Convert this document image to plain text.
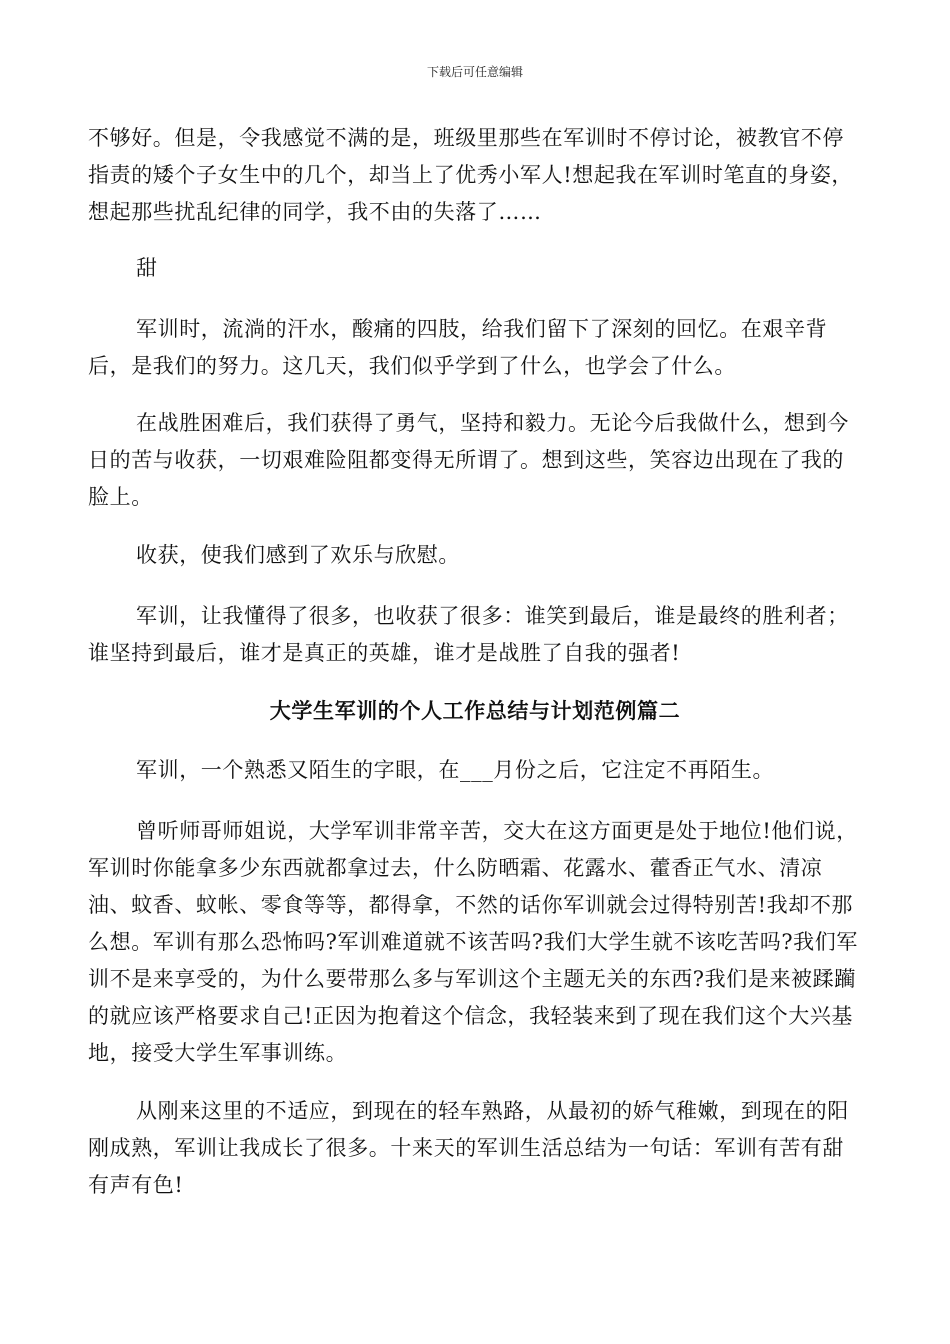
下载后可任意编辑

不够好。但是，令我感觉不满的是，班级里那些在军训时不停讨论，被教官不停指责的矮个子女生中的几个，却当上了优秀小军人!想起我在军训时笔直的身姿，想起那些扰乱纪律的同学，我不由的失落了……

甜

军训时，流淌的汗水，酸痛的四肢，给我们留下了深刻的回忆。在艰辛背后，是我们的努力。这几天，我们似乎学到了什么，也学会了什么。

在战胜困难后，我们获得了勇气，坚持和毅力。无论今后我做什么，想到今日的苦与收获，一切艰难险阻都变得无所谓了。想到这些，笑容边出现在了我的脸上。

收获，使我们感到了欢乐与欣慰。

军训，让我懂得了很多，也收获了很多：谁笑到最后，谁是最终的胜利者；谁坚持到最后，谁才是真正的英雄，谁才是战胜了自我的强者!

大学生军训的个人工作总结与计划范例篇二

军训，一个熟悉又陌生的字眼，在___月份之后，它注定不再陌生。

曾听师哥师姐说，大学军训非常辛苦，交大在这方面更是处于地位!他们说，军训时你能拿多少东西就都拿过去，什么防晒霜、花露水、藿香正气水、清凉油、蚊香、蚊帐、零食等等，都得拿，不然的话你军训就会过得特别苦!我却不那么想。军训有那么恐怖吗?军训难道就不该苦吗?我们大学生就不该吃苦吗?我们军训不是来享受的，为什么要带那么多与军训这个主题无关的东西?我们是来被蹂躏的就应该严格要求自己!正因为抱着这个信念，我轻装来到了现在我们这个大兴基地，接受大学生军事训练。

从刚来这里的不适应，到现在的轻车熟路，从最初的娇气稚嫩，到现在的阳刚成熟，军训让我成长了很多。十来天的军训生活总结为一句话：军训有苦有甜有声有色!
